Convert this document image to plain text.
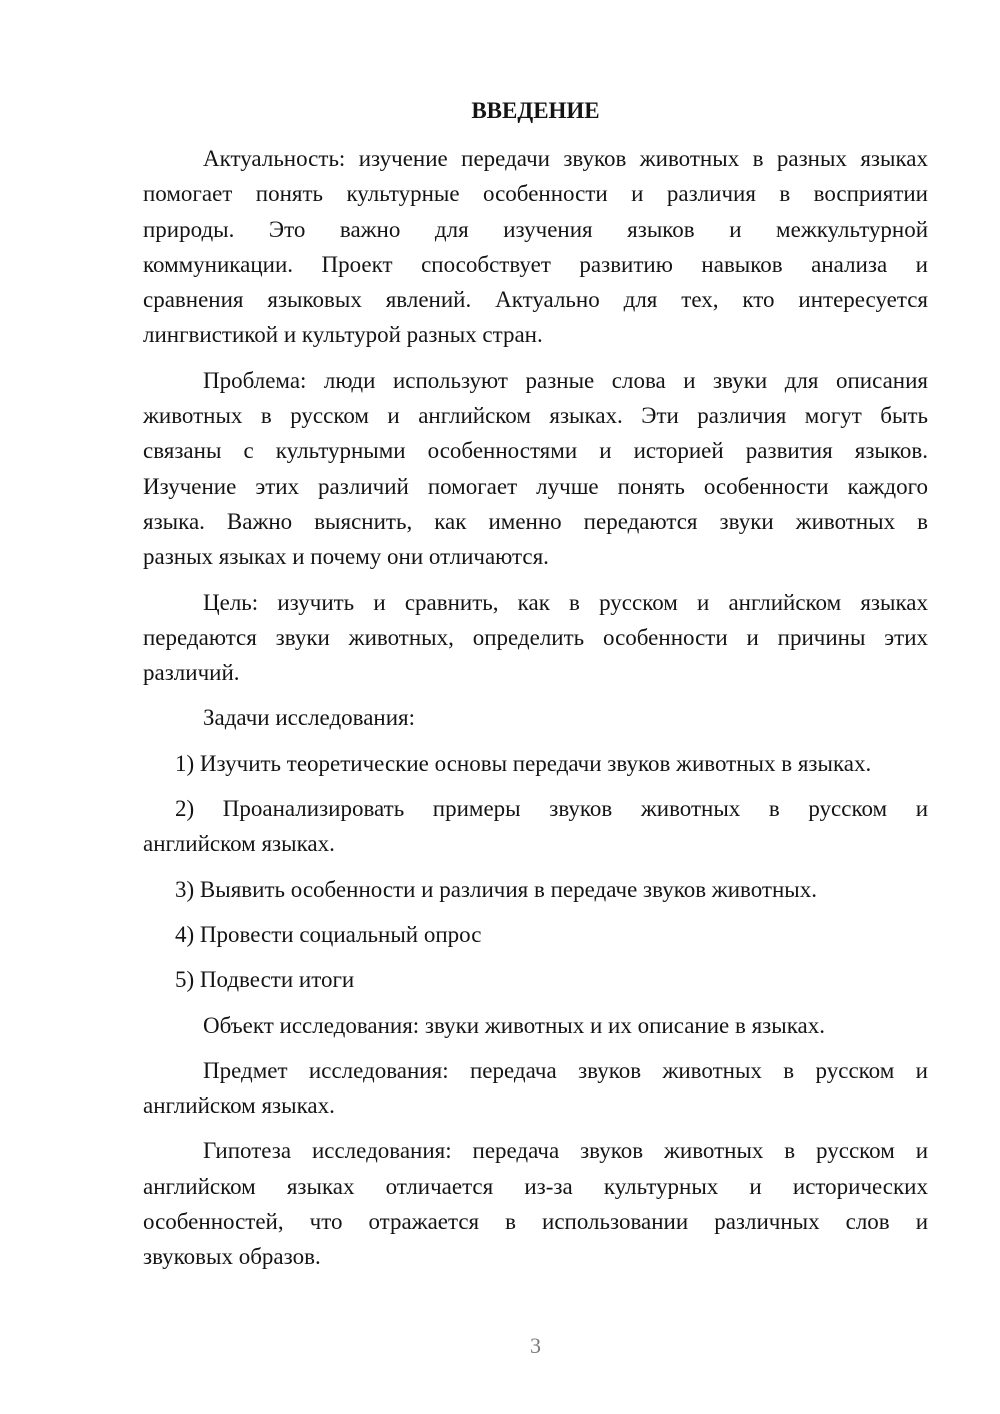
ВВЕДЕНИЕ
Актуальность: изучение передачи звуков животных в разных языках
помогает понять культурные особенности и различия в восприятии
природы. Это важно для изучения языков и межкультурной
коммуникации. Проект способствует развитию навыков анализа и
сравнения языковых явлений. Актуально для тех, кто интересуется
лингвистикой и культурой разных стран.
Проблема: люди используют разные слова и звуки для описания
животных в русском и английском языках. Эти различия могут быть
связаны с культурными особенностями и историей развития языков.
Изучение этих различий помогает лучше понять особенности каждого
языка. Важно выяснить, как именно передаются звуки животных в
разных языках и почему они отличаются.
Цель: изучить и сравнить, как в русском и английском языках
передаются звуки животных, определить особенности и причины этих
различий.
Задачи исследования:
1) Изучить теоретические основы передачи звуков животных в языках.
2) Проанализировать примеры звуков животных в русском и
английском языках.
3) Выявить особенности и различия в передаче звуков животных.
4) Провести социальный опрос
5) Подвести итоги
Объект исследования: звуки животных и их описание в языках.
Предмет исследования: передача звуков животных в русском и
английском языках.
Гипотеза исследования: передача звуков животных в русском и
английском языках отличается из-за культурных и исторических
особенностей, что отражается в использовании различных слов и
звуковых образов.
3
